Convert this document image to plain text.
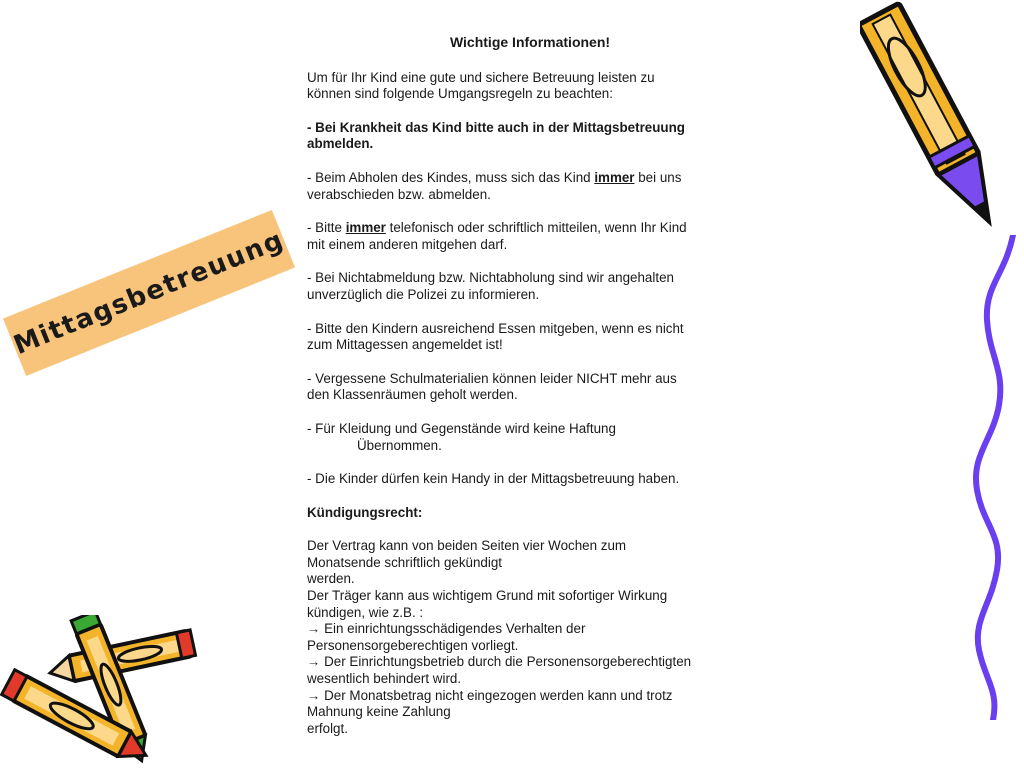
Wichtige Informationen!
Um für Ihr Kind eine gute und sichere Betreuung leisten zu
können sind folgende Umgangsregeln zu beachten:
- Bei Krankheit das Kind bitte auch in der Mittagsbetreuung
abmelden.
- Beim Abholen des Kindes, muss sich das Kind immer bei uns
verabschieden bzw. abmelden.
- Bitte immer telefonisch oder schriftlich mitteilen, wenn Ihr Kind
mit einem anderen mitgehen darf.
- Bei Nichtabmeldung bzw. Nichtabholung sind wir angehalten
unverzüglich die Polizei zu informieren.
- Bitte den Kindern ausreichend Essen mitgeben, wenn es nicht
zum Mittagessen angemeldet ist!
- Vergessene Schulmaterialien können leider NICHT mehr aus
den Klassenräumen geholt werden.
- Für Kleidung und Gegenstände wird keine Haftung
Übernommen.
- Die Kinder dürfen kein Handy in der Mittagsbetreuung haben.
Kündigungsrecht:
Der Vertrag kann von beiden Seiten vier Wochen zum
Monatsende schriftlich gekündigt
werden.
Der Träger kann aus wichtigem Grund mit sofortiger Wirkung
kündigen, wie z.B. :
→ Ein einrichtungsschädigendes Verhalten der
Personensorgeberechtigen vorliegt.
→ Der Einrichtungsbetrieb durch die Personensorgeberechtigten
wesentlich behindert wird.
→ Der Monatsbetrag nicht eingezogen werden kann und trotz
Mahnung keine Zahlung
erfolgt.
Mittagsbetreuung
